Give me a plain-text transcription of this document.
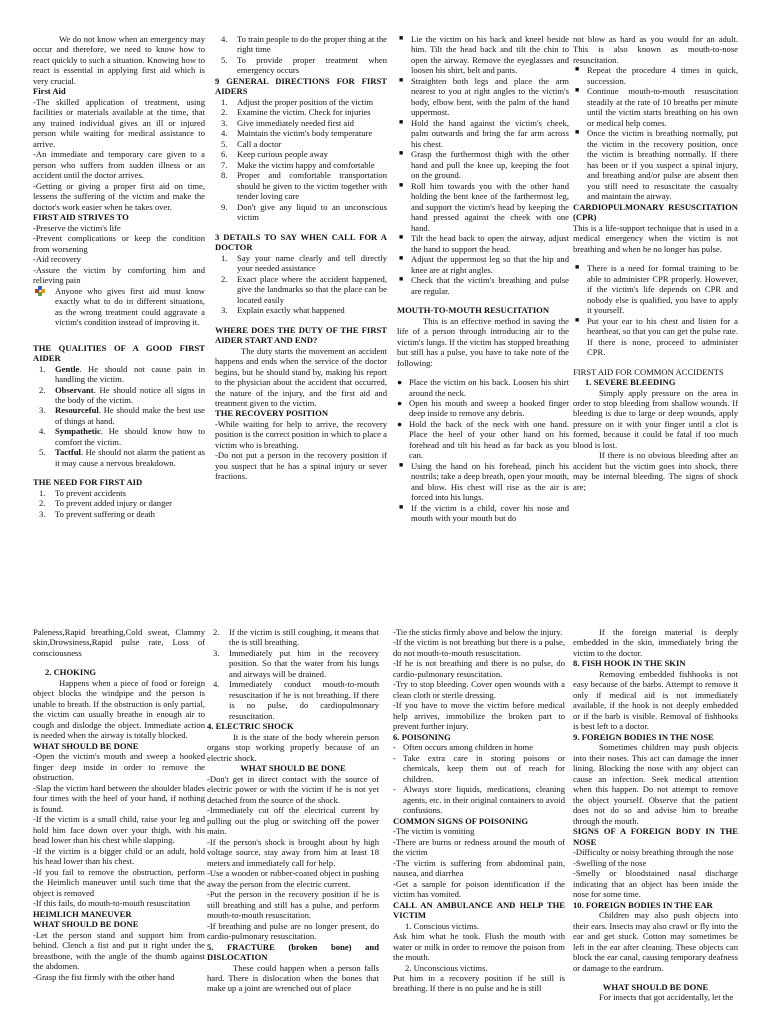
We do not know when an emergency may occur and therefore, we need to know how to react quickly to such a situation. Knowing how to react is essential in applying first aid which is very crucial.

First Aid

-The skilled application of treatment, using facilities or materials available at the time, that any trained individual gives an ill or injured person while waiting for medical assistance to arrive.

-An immediate and temporary care given to a person who suffers from sudden illness or an accident until the doctor arrives.

-Getting or giving a proper first aid on time, lessens the suffering of the victim and make the doctor's work easier when he takes over.

FIRST AID STRIVES TO

-Preserve the victim's life

-Prevent complications or keep the condition from worsening

-Aid recovery

-Assure the victim by comforting him and relieving pain

Anyone who gives first aid must know exactly what to do in different situations, as the wrong treatment could aggravate a victim's condition instead of improving it.

THE QUALITIES OF A GOOD FIRST AIDER

1. Gentle. He should not cause pain in handling the victim.
2. Observant. He should notice all signs in the body of the victim.
3. Resourceful. He should make the best use of things at hand.
4. Sympathetic. He should know how to comfort the victim.
5. Tactful. He should not alarm the patient as it may cause a nervous breakdown.

THE NEED FOR FIRST AID

1. To prevent accidents
2. To prevent added injury or danger
3. To prevent suffering or death
4. To train people to do the proper thing at the right time
5. To provide proper treatment when emergency occurs

9 GENERAL DIRECTIONS FOR FIRST AIDERS

1. Adjust the proper position of the victim
2. Examine the victim. Check for injuries
3. Give immediately needed first aid
4. Maintain the victim's body temperature
5. Call a doctor
6. Keep curious people away
7. Make the victim happy and comfortable
8. Proper and comfortable transportation should be given to the victim together with tender loving care
9. Don't give any liquid to an unconscious victim

3 DETAILS TO SAY WHEN CALL FOR A DOCTOR

1. Say your name clearly and tell directly your needed assistance
2. Exact place where the accident happened, give the landmarks so that the place can be located easily
3. Explain exactly what happened

WHERE DOES THE DUTY OF THE FIRST AIDER START AND END?

The duty starts the movement an accident happens and ends when the service of the doctor begins, but he should stand by, making his report to the physician about the accident that occurred, the nature of the injury, and the first aid and treatment given to the victim.

THE RECOVERY POSITION

-While waiting for help to arrive, the recovery position is the correct position in which to place a victim who is breathing.

-Do not put a person in the recovery position if you suspect that he has a spinal injury or sever fractions.

■ Lie the victim on his back and kneel beside him. Tilt the head back and tilt the chin to open the airway. Remove the eyeglasses and loosen his shirt, belt and pants.
■ Straighten both legs and place the arm nearest to you at right angles to the victim's body, elbow bent, with the palm of the hand uppermost.
■ Hold the hand against the victim's cheek, palm outwards and bring the far arm across his chest.
■ Grasp the furthermost thigh with the other hand and pull the knee up, keeping the foot on the ground.
■ Roll him towards you with the other hand holding the bent knee of the farthermost leg, and support the victim's head by keeping the hand pressed against the cheek with one hand.
■ Tilt the head back to open the airway, adjust the hand to support the head.
■ Adjust the uppermost leg so that the hip and knee are at right angles.
■ Check that the victim's breathing and pulse are regular.

MOUTH-TO-MOUTH RESUCITATION

This is an effective method in saving the life of a person through introducing air to the victim's lungs. If the victim has stopped breathing but still has a pulse, you have to take note of the following:

● Place the victim on his back. Loosen his shirt around the neck.
● Open his mouth and sweep a hooked finger deep inside to remove any debris.
● Hold the back of the neck with one hand. Place the heel of your other hand on his forehead and tilt his head as far back as you can.
■ Using the hand on his forehead, pinch his nostrils; take a deep breath, open your mouth, and blow. His chest will rise as the air is forced into his lungs.
■ If the victim is a child, cover his nose and mouth with your mouth but do

not blow as hard as you would for an adult. This is also known as mouth-to-nose resuscitation.

■ Repeat the procedure 4 times in quick, succession.
■ Continue mouth-to-mouth resuscitation steadily at the rate of 10 breaths per minute until the victim starts breathing on his own or medical help comes.
■ Once the victim is breathing normally, put the victim in the recovery position, once the victim is breathing normally. If there has been or if you suspect a spinal injury, and breathing and/or pulse are absent then you still need to resuscitate the casualty and maintain the airway.

CARDIOPULMONARY RESUSCITATION (CPR)

This is a life-support technique that is used in a medical emergency when the victim is not breathing and when he no longer has pulse.

■ There is a need for formal training to be able to administer CPR properly. However, if the victim's life depends on CPR and nobody else is qualified, you have to apply it yourself.
■ Put your ear to his chest and listen for a heartbeat, so that you can get the pulse rate. If there is none, proceed to administer CPR.

FIRST AID FOR COMMON ACCIDENTS

1. SEVERE BLEEDING

Simply apply pressure on the area in order to stop bleeding from shallow wounds. If bleeding is due to large or deep wounds, apply pressure on it with your finger until a clot is formed, because it could be fatal if too much blood is lost.

If there is no obvious bleeding after an accident but the victim goes into shock, there may be internal bleeding. The signs of shock are;

Paleness,Rapid breathing,Cold sweat, Clammy skin,Drowsiness,Rapid pulse rate, Loss of consciousness

2. CHOKING

Happens when a piece of food or foreign object blocks the windpipe and the person is unable to breath. If the obstruction is only partial, the victim can usually breathe in enough air to cough and dislodge the object. Immediate action is needed when the airway is totally blocked.

WHAT SHOULD BE DONE

-Open the victim's mouth and sweep a hooked finger deep inside in order to remove the obstruction.

-Slap the victim hard between the shoulder blades four times with the heel of your hand, if nothing is found.

-If the victim is a small child, raise your leg and hold him face down over your thigh, with his head lower than his chest while slapping.

-If the victim is a bigger child or an adult, hold his head lower than his chest.

-If you fail to remove the obstruction, perform the Heimlich maneuver until such time that the object is removed

-If this fails, do mouth-to-mouth resuscitation

HEIMLICH MANEUVER

WHAT SHOULD BE DONE

-Let the person stand and support him from behind. Clench a fist and put it right under the breastbone, with the angle of the thumb against the abdomen.

-Grasp the fist firmly with the other hand

2. If the victim is still coughing, it means that the is still breathing.
3. Immediately put him in the recovery position. So that the water from his lungs and airways will be drained.
4. Immediately conduct mouth-to-mouth resuscitation if he is not breathing. If there is no pulse, do cardiopulmonary resuscitation.

4. ELECTRIC SHOCK

It is the state of the body wherein person organs stop working properly because of an electric shock.

WHAT SHOULD BE DONE

-Don't get in direct contact with the source of electric power or with the victim if he is not yet detached from the source of the shock.

-Immediately cut off the electrical current by pulling out the plug or switching off the power main.

-If the person's shock is brought about by high voltage source, stay away from him at least 18 meters and immediately call for help.

-Use a wooden or rubber-coated object in pushing away the person from the electric current.

-Put the person in the recovery position if he is still breathing and still has a pulse, and perform mouth-to-mouth resuscitation.

-If breathing and pulse are no longer present, do cardio-pulmonary resuscitation.

5. FRACTURE (broken bone) and DISLOCATION

These could happen when a person falls hard. There is dislocation when the bones that make up a joint are wrenched out of place

-Tie the sticks firmly above and below the injury.

-If the victim is not breathing but there is a pulse, do not mouth-to-mouth resuscitation.

-If he is not breathing and there is no pulse, do cardio-pulmonary resuscitation.

-Try to stop bleeding. Cover open wounds with a clean cloth or sterile dressing.

-If you have to move the victim before medical help arrives, immobilize the broken part to prevent further injury.

6. POISONING

- Often occurs among children in home
- Take extra care in storing poisons or chemicals, keep them out of reach for children.
- Always store liquids, medications, cleaning agents, etc. in their original containers to avoid confusions.

COMMON SIGNS OF POISONING

-The victim is vomiting

-There are burns or redness around the mouth of the victim

-The victim is suffering from abdominal pain, nausea, and diarrhea

-Get a sample for poison identification if the victim has vomited.

CALL AN AMBULANCE AND HELP THE VICTIM

1. Conscious victims.

Ask him what he took. Flush the mouth with water or milk in order to remove the poison from the mouth.

2. Unconscious victims.

Put him in a recovery position if he still is breathing. If there is no pulse and he is still

If the foreign material is deeply embedded in the skin, immediately bring the victim to the doctor.

8. FISH HOOK IN THE SKIN

Removing embedded fishhooks is not easy because of the barbs. Attempt to remove it only if medical aid is not immediately available, if the hook is not deeply embedded or if the barb is visible. Removal of fishhooks is best left to a doctor.

9. FOREIGN BODIES IN THE NOSE

Sometimes children may push objects into their noses. This act can damage the inner lining. Blocking the nose with any object can cause an infection. Seek medical attention when this happen. Do not attempt to remove the object yourself. Observe that the patient does not do so and advise him to breathe through the mouth.

SIGNS OF A FOREIGN BODY IN THE NOSE

-Difficulty or noisy breathing through the nose

-Swelling of the nose

-Smelly or bloodstained nasal discharge indicating that an object has been inside the nose for some time.

10. FOREIGN BODIES IN THE EAR

Children may also push objects into their ears. Insects may also crawl or fly into the ear and get stuck. Cotton may sometimes be left in the ear after cleaning. These objects can block the ear canal, causing temporary deafness or damage to the eardrum.

WHAT SHOULD BE DONE

For insects that got accidentally, let the
